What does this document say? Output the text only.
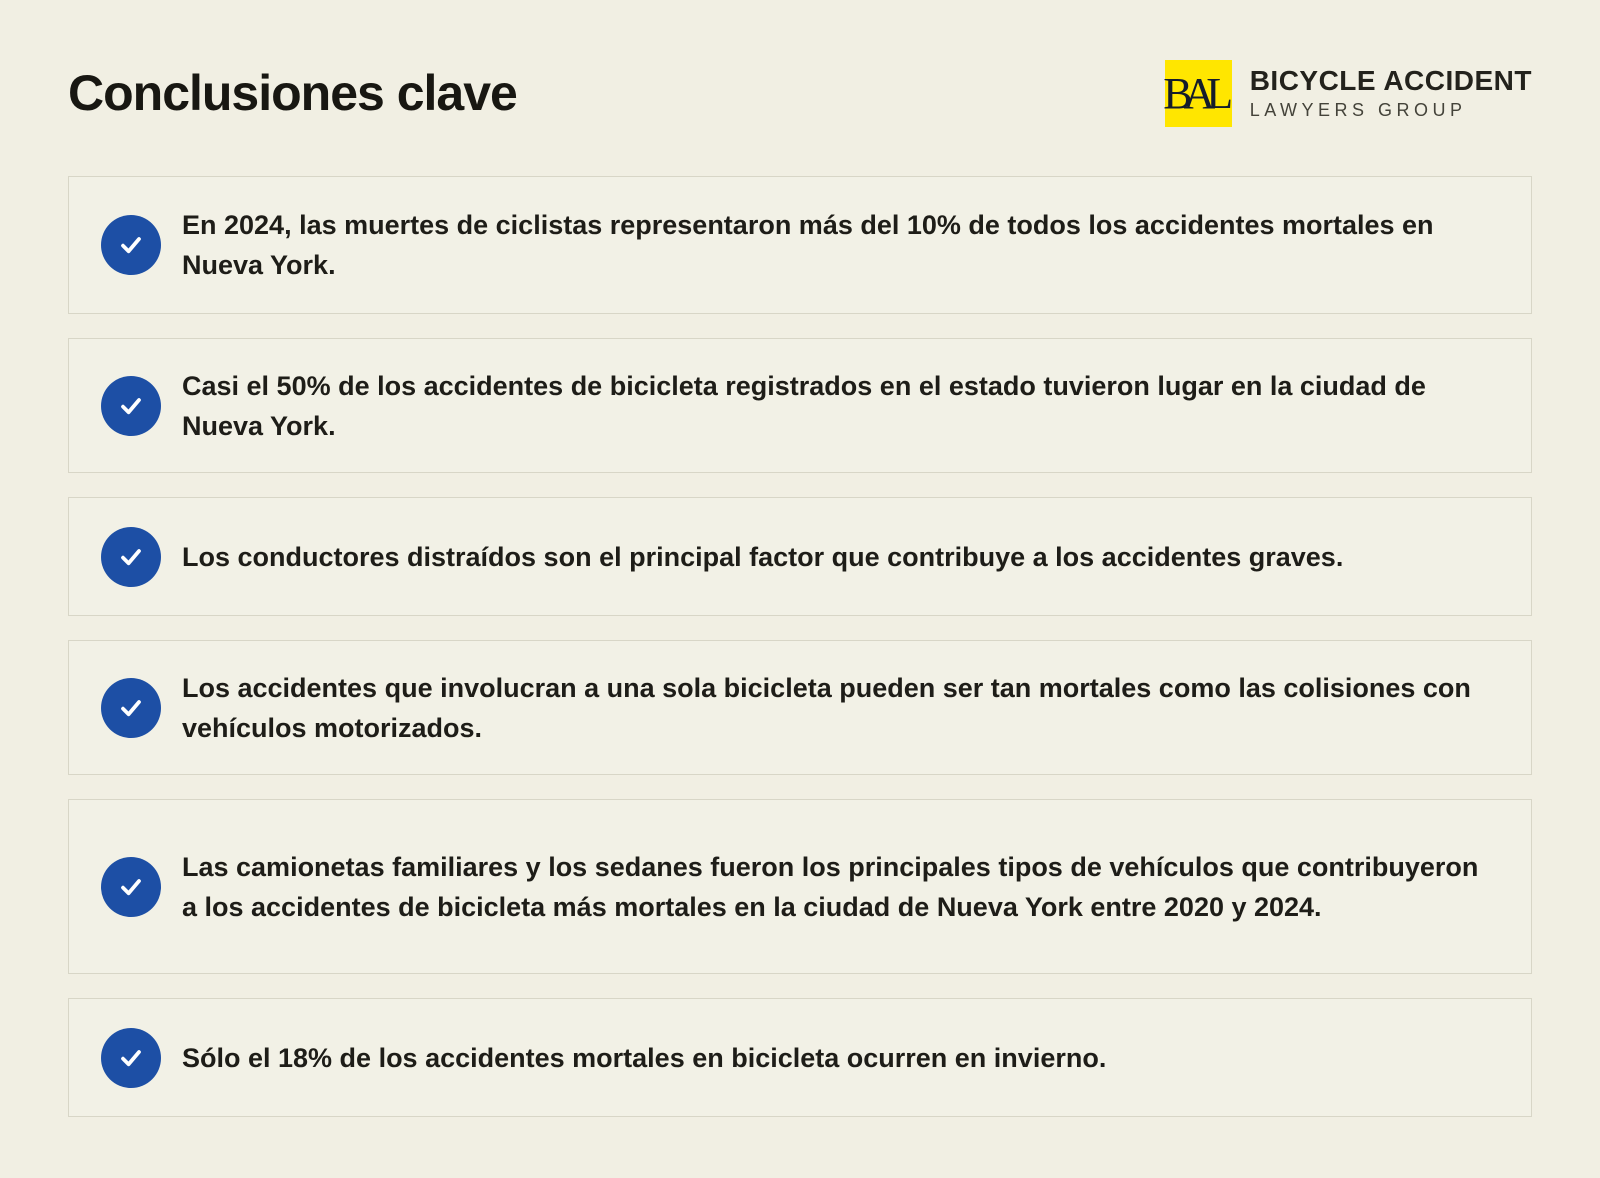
Conclusiones clave	BAL BICYCLE ACCIDENT
LAWYERS GROUP

En 2024, las muertes de ciclistas representaron más del 10% de todos los accidentes mortales en Nueva York.

Casi el 50% de los accidentes de bicicleta registrados en el estado tuvieron lugar en la ciudad de Nueva York.

Los conductores distraídos son el principal factor que contribuye a los accidentes graves.

Los accidentes que involucran a una sola bicicleta pueden ser tan mortales como las colisiones con vehículos motorizados.

Las camionetas familiares y los sedanes fueron los principales tipos de vehículos que contribuyeron a los accidentes de bicicleta más mortales en la ciudad de Nueva York entre 2020 y 2024.

Sólo el 18% de los accidentes mortales en bicicleta ocurren en invierno.
